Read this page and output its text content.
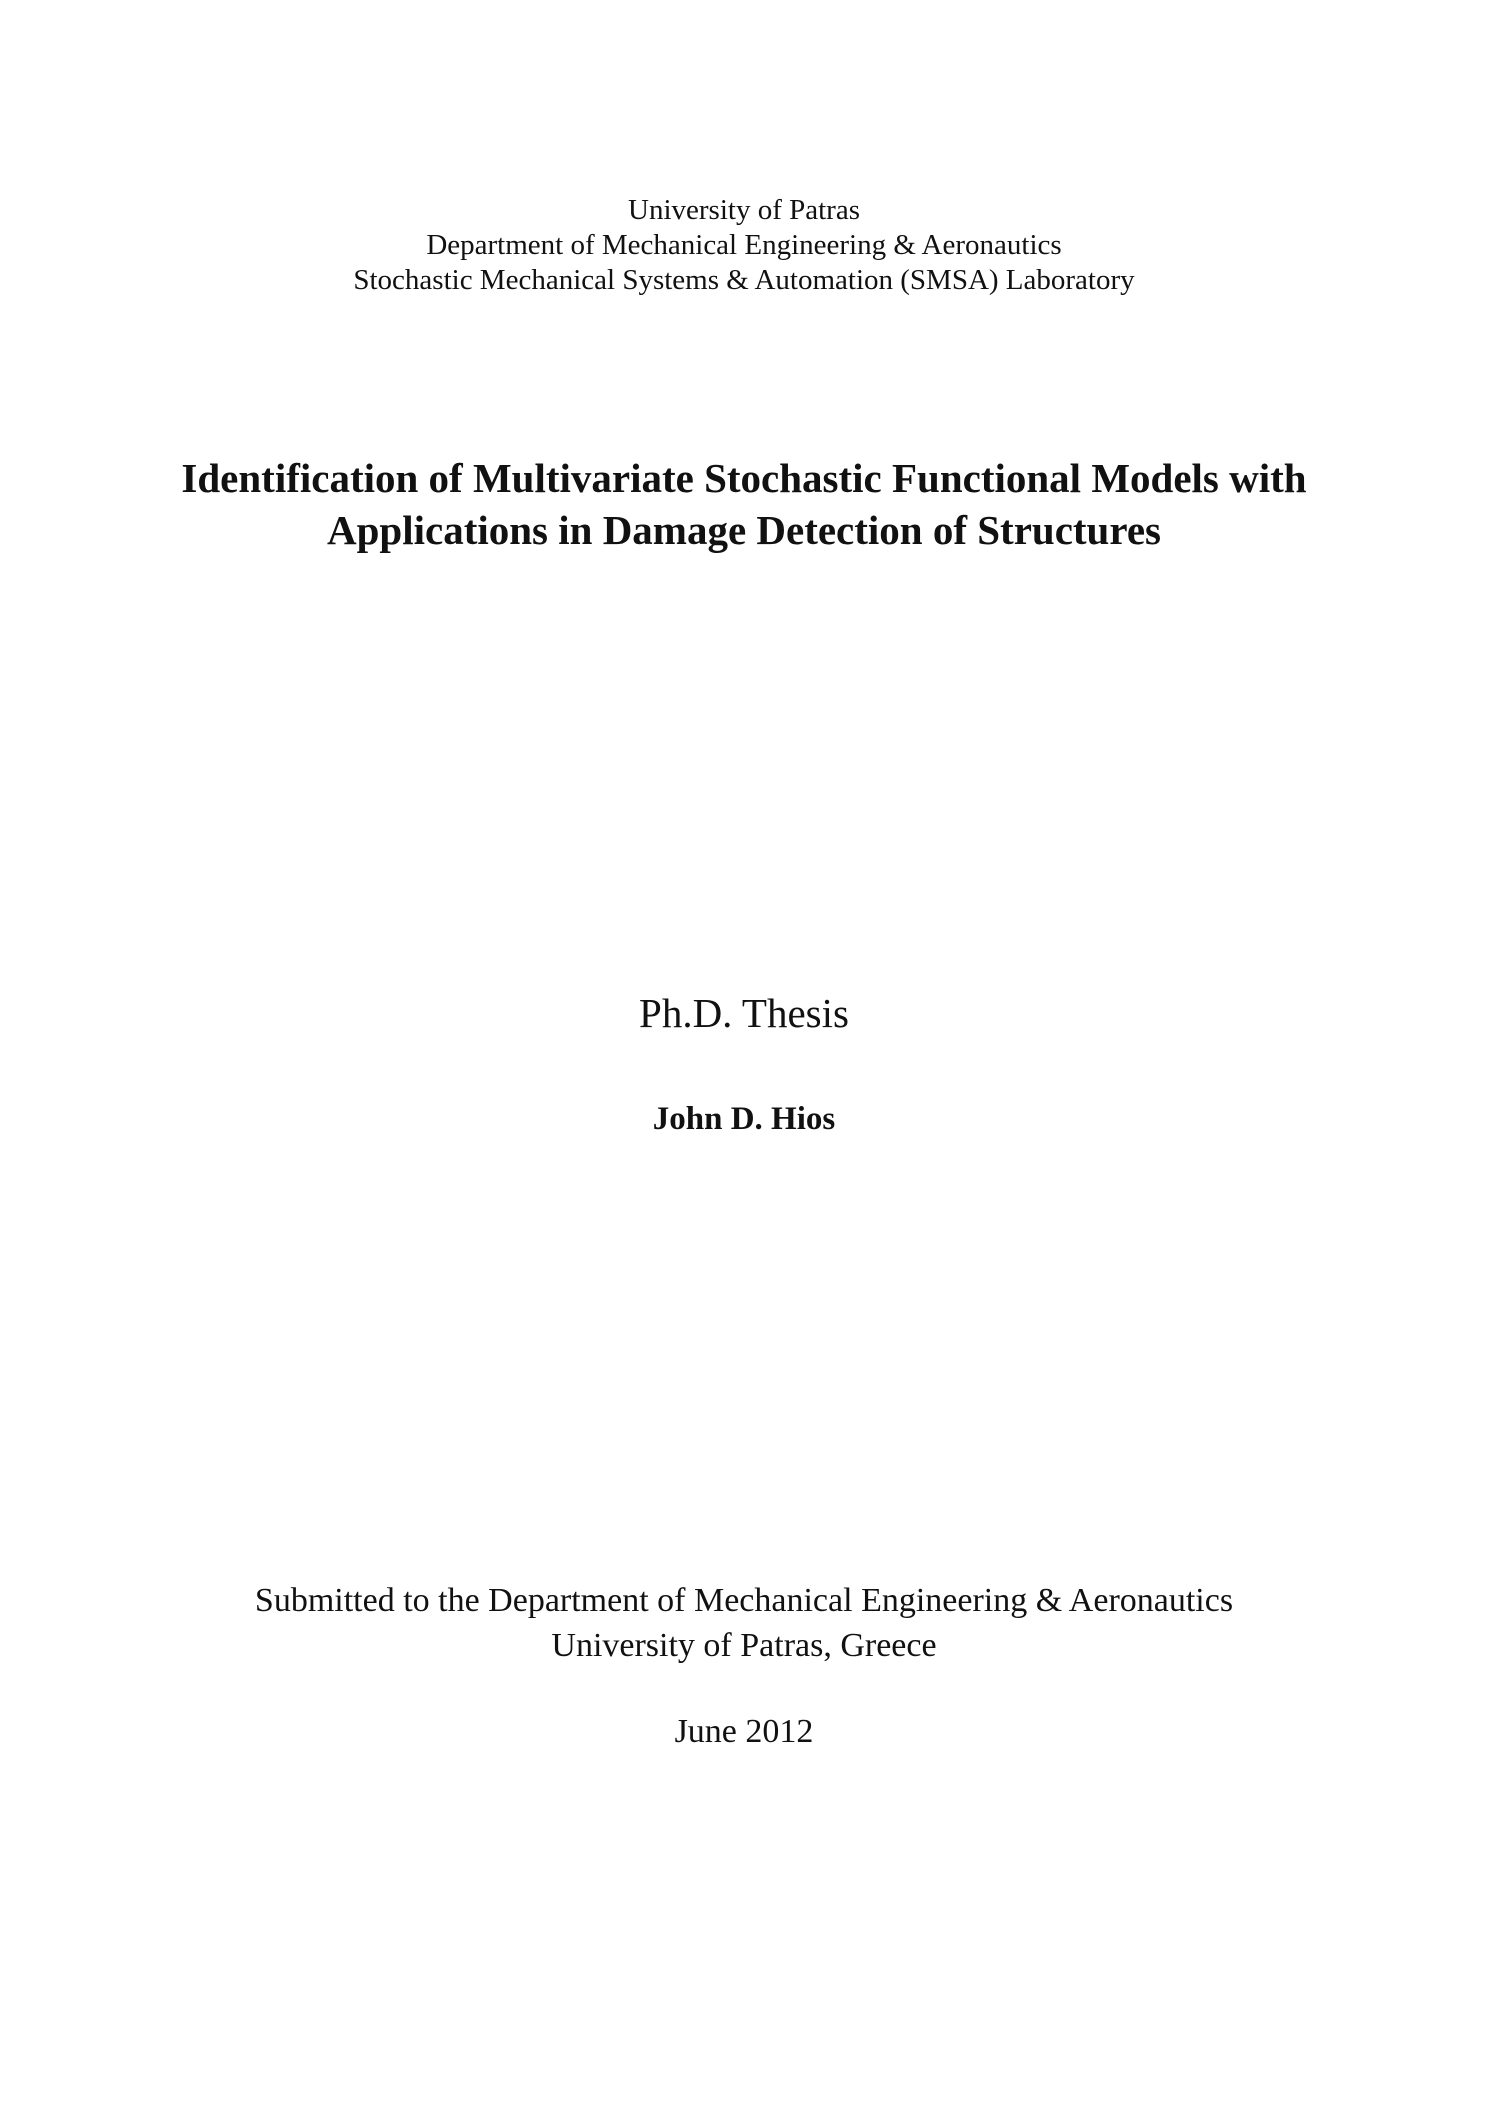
University of Patras
Department of Mechanical Engineering & Aeronautics
Stochastic Mechanical Systems & Automation (SMSA) Laboratory
Identification of Multivariate Stochastic Functional Models with
Applications in Damage Detection of Structures
Ph.D. Thesis
John D. Hios
Submitted to the Department of Mechanical Engineering & Aeronautics
University of Patras, Greece
June 2012
